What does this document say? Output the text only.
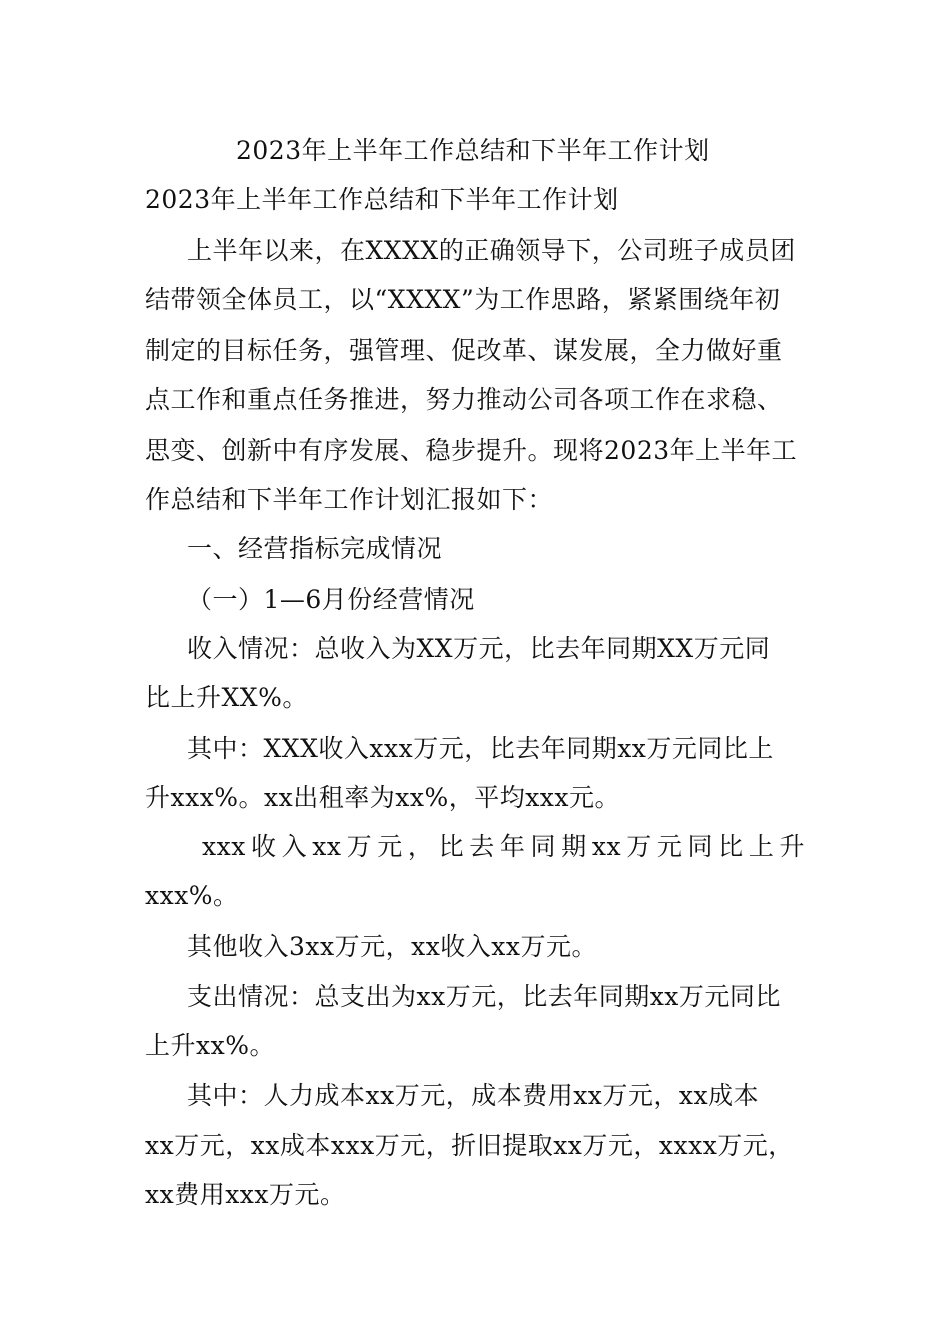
2023年上半年工作总结和下半年工作计划
2023年上半年工作总结和下半年工作计划
上半年以来，在XXXX的正确领导下，公司班子成员团
结带领全体员工，以“XXXX”为工作思路，紧紧围绕年初
制定的目标任务，强管理、促改革、谋发展，全力做好重
点工作和重点任务推进，努力推动公司各项工作在求稳、
思变、创新中有序发展、稳步提升。现将2023年上半年工
作总结和下半年工作计划汇报如下：
一、经营指标完成情况
（一）1—6月份经营情况
收入情况：总收入为XX万元，比去年同期XX万元同
比上升XX%。
其中：XXX收入xxx万元，比去年同期xx万元同比上
升xxx%。xx出租率为xx%，平均xxx元。
xxx收入xx万元，比去年同期xx万元同比上升
xxx%。
其他收入3xx万元，xx收入xx万元。
支出情况：总支出为xx万元，比去年同期xx万元同比
上升xx%。
其中：人力成本xx万元，成本费用xx万元，xx成本
xx万元，xx成本xxx万元，折旧提取xx万元，xxxx万元，
xx费用xxx万元。
